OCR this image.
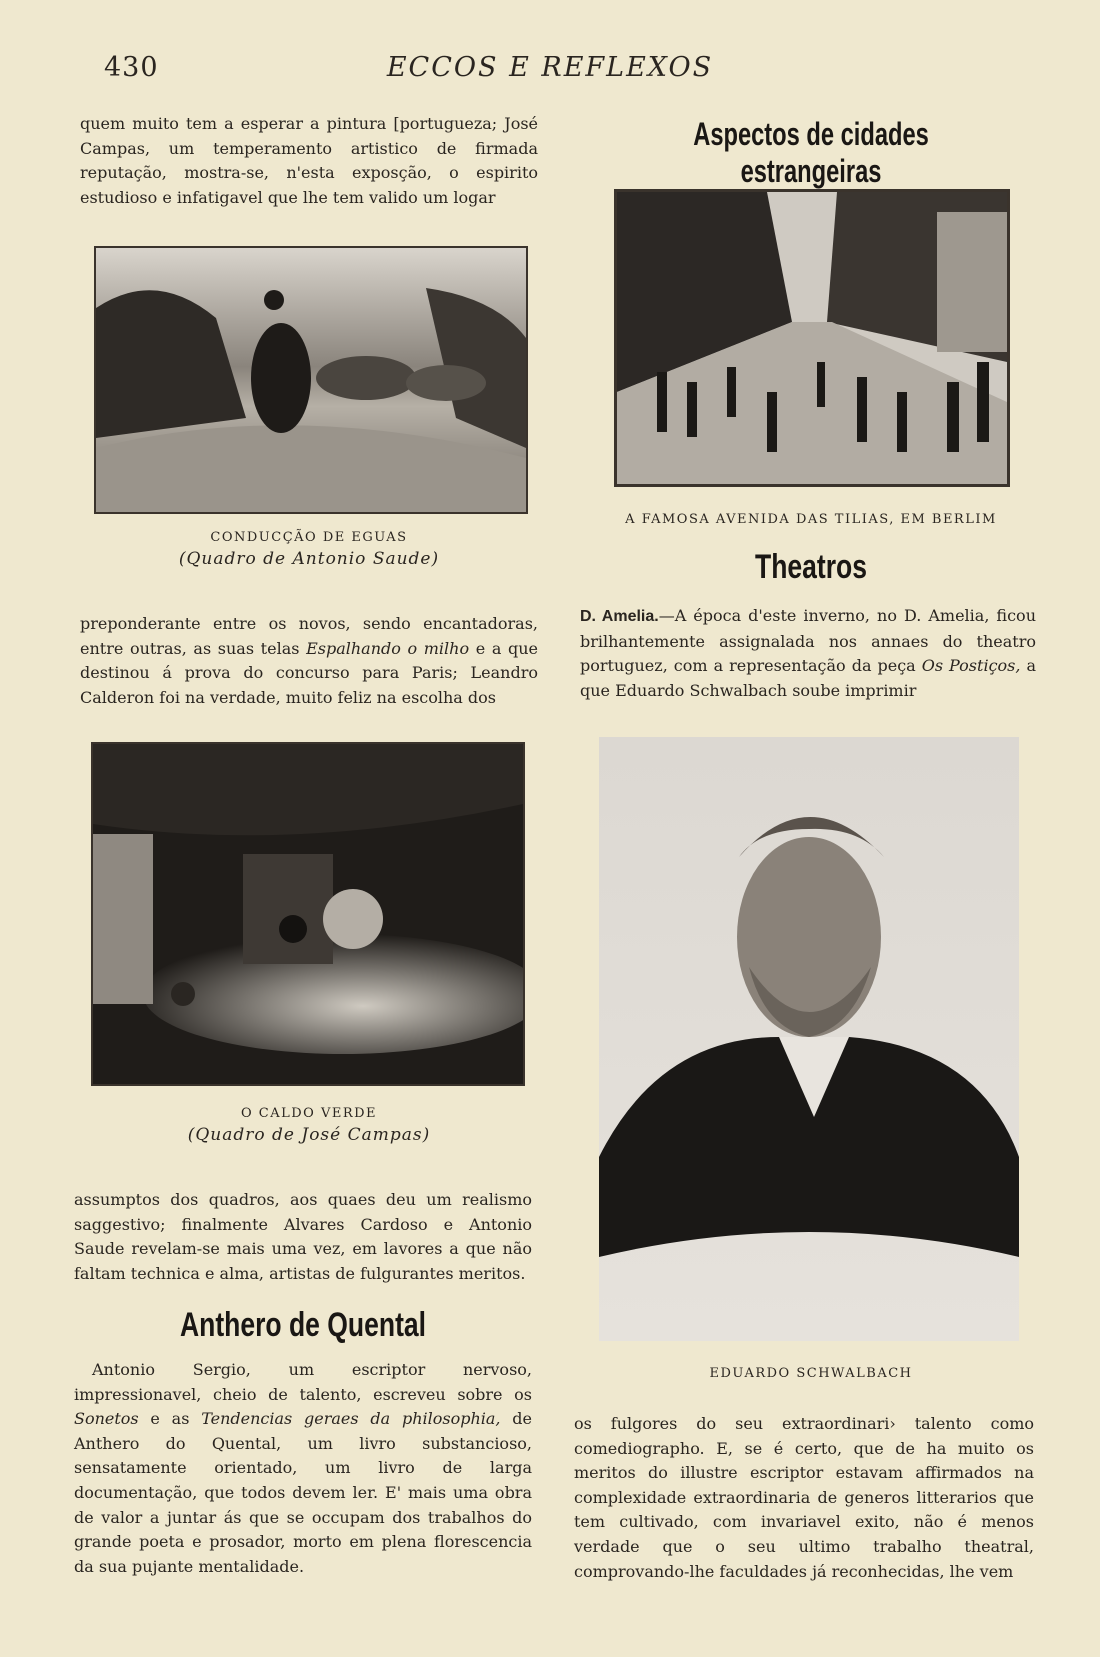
430	ECCOS E REFLEXOS

quem muito tem a esperar a pintura [portugueza; José Campas, um temperamento artistico de firmada reputação, mostra-se, n'esta exposção, o espirito estudioso e infatigavel que lhe tem valido um logar

CONDUCÇÃO DE EGUAS

(Quadro de Antonio Saude)

preponderante entre os novos, sendo encantadoras, entre outras, as suas telas Espalhando o milho e a que destinou á prova do concurso para Paris; Leandro Calderon foi na verdade, muito feliz na escolha dos

O CALDO VERDE

(Quadro de José Campas)

assumptos dos quadros, aos quaes deu um realismo saggestivo; finalmente Alvares Cardoso e Antonio Saude revelam-se mais uma vez, em lavores a que não faltam technica e alma, artistas de fulgurantes meritos.

Anthero de Quental

Antonio Sergio, um escriptor nervoso, impressionavel, cheio de talento, escreveu sobre os Sonetos e as Tendencias geraes da philosophia, de Anthero do Quental, um livro substancioso, sensatamente orientado, um livro de larga documentação, que todos devem ler. E' mais uma obra de valor a juntar ás que se occupam dos trabalhos do grande poeta e prosador, morto em plena florescencia da sua pujante mentalidade.

Aspectos de cidades estrangeiras

A FAMOSA AVENIDA DAS TILIAS, EM BERLIM

Theatros

D. Amelia.—A época d'este inverno, no D. Amelia, ficou brilhantemente assignalada nos annaes do theatro portuguez, com a representação da peça Os Postiços, a que Eduardo Schwalbach soube imprimir

EDUARDO SCHWALBACH

os fulgores do seu extraordinari› talento como comediographo. E, se é certo, que de ha muito os meritos do illustre escriptor estavam affirmados na complexidade extraordinaria de generos litterarios que tem cultivado, com invariavel exito, não é menos verdade que o seu ultimo trabalho theatral, comprovando-lhe faculdades já reconhecidas, lhe vem
